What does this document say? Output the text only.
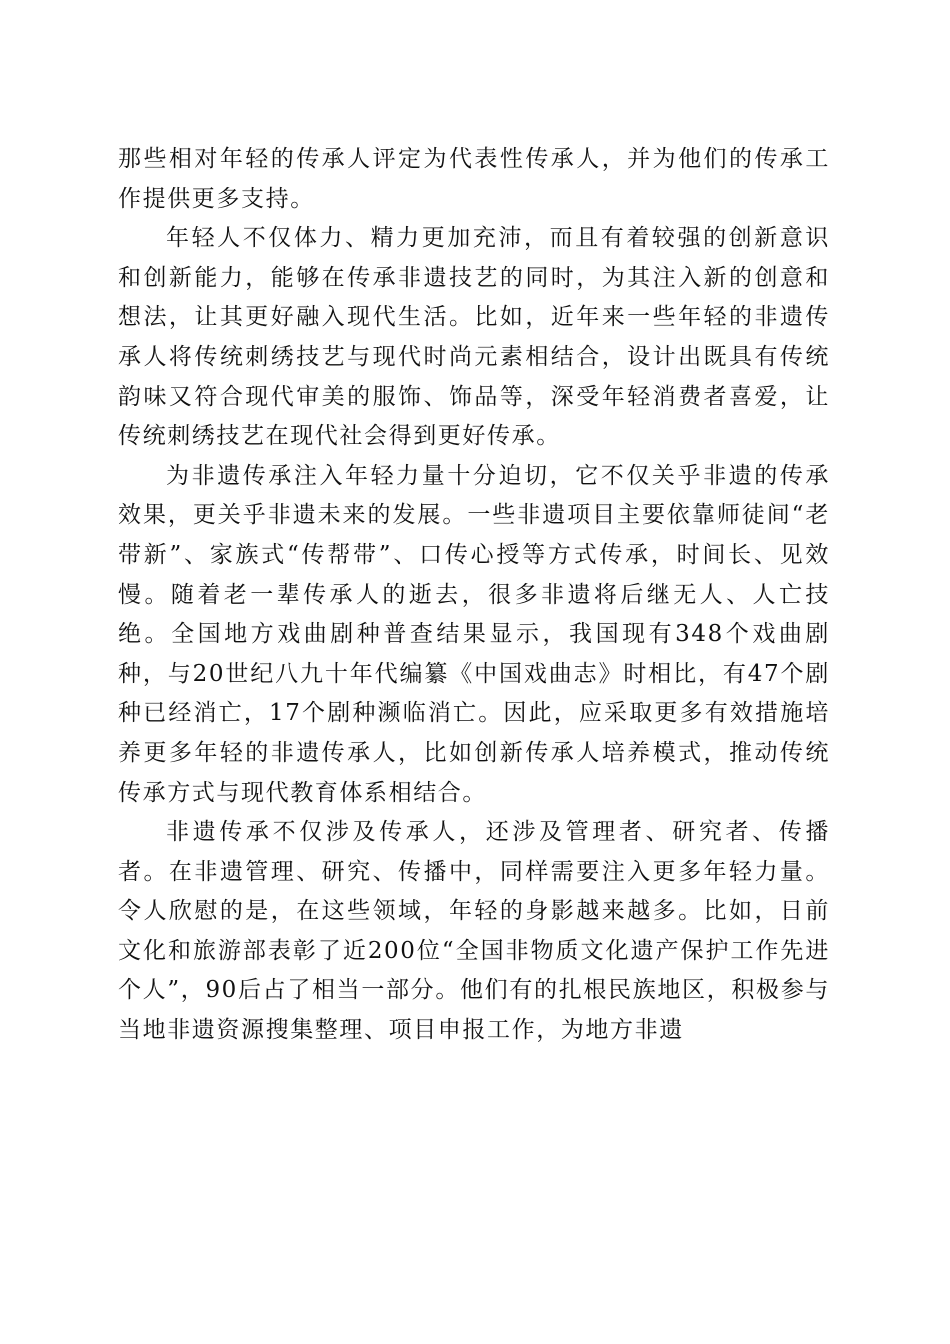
那些相对年轻的传承人评定为代表性传承人，并为他们的传承工作提供更多支持。

年轻人不仅体力、精力更加充沛，而且有着较强的创新意识和创新能力，能够在传承非遗技艺的同时，为其注入新的创意和想法，让其更好融入现代生活。比如，近年来一些年轻的非遗传承人将传统刺绣技艺与现代时尚元素相结合，设计出既具有传统韵味又符合现代审美的服饰、饰品等，深受年轻消费者喜爱，让传统刺绣技艺在现代社会得到更好传承。

为非遗传承注入年轻力量十分迫切，它不仅关乎非遗的传承效果，更关乎非遗未来的发展。一些非遗项目主要依靠师徒间“老带新”、家族式“传帮带”、口传心授等方式传承，时间长、见效慢。随着老一辈传承人的逝去，很多非遗将后继无人、人亡技绝。全国地方戏曲剧种普查结果显示，我国现有348个戏曲剧种，与20世纪八九十年代编纂《中国戏曲志》时相比，有47个剧种已经消亡，17个剧种濒临消亡。因此，应采取更多有效措施培养更多年轻的非遗传承人，比如创新传承人培养模式，推动传统传承方式与现代教育体系相结合。

非遗传承不仅涉及传承人，还涉及管理者、研究者、传播者。在非遗管理、研究、传播中，同样需要注入更多年轻力量。令人欣慰的是，在这些领域，年轻的身影越来越多。比如，日前文化和旅游部表彰了近200位“全国非物质文化遗产保护工作先进个人”，90后占了相当一部分。他们有的扎根民族地区，积极参与当地非遗资源搜集整理、项目申报工作，为地方非遗
